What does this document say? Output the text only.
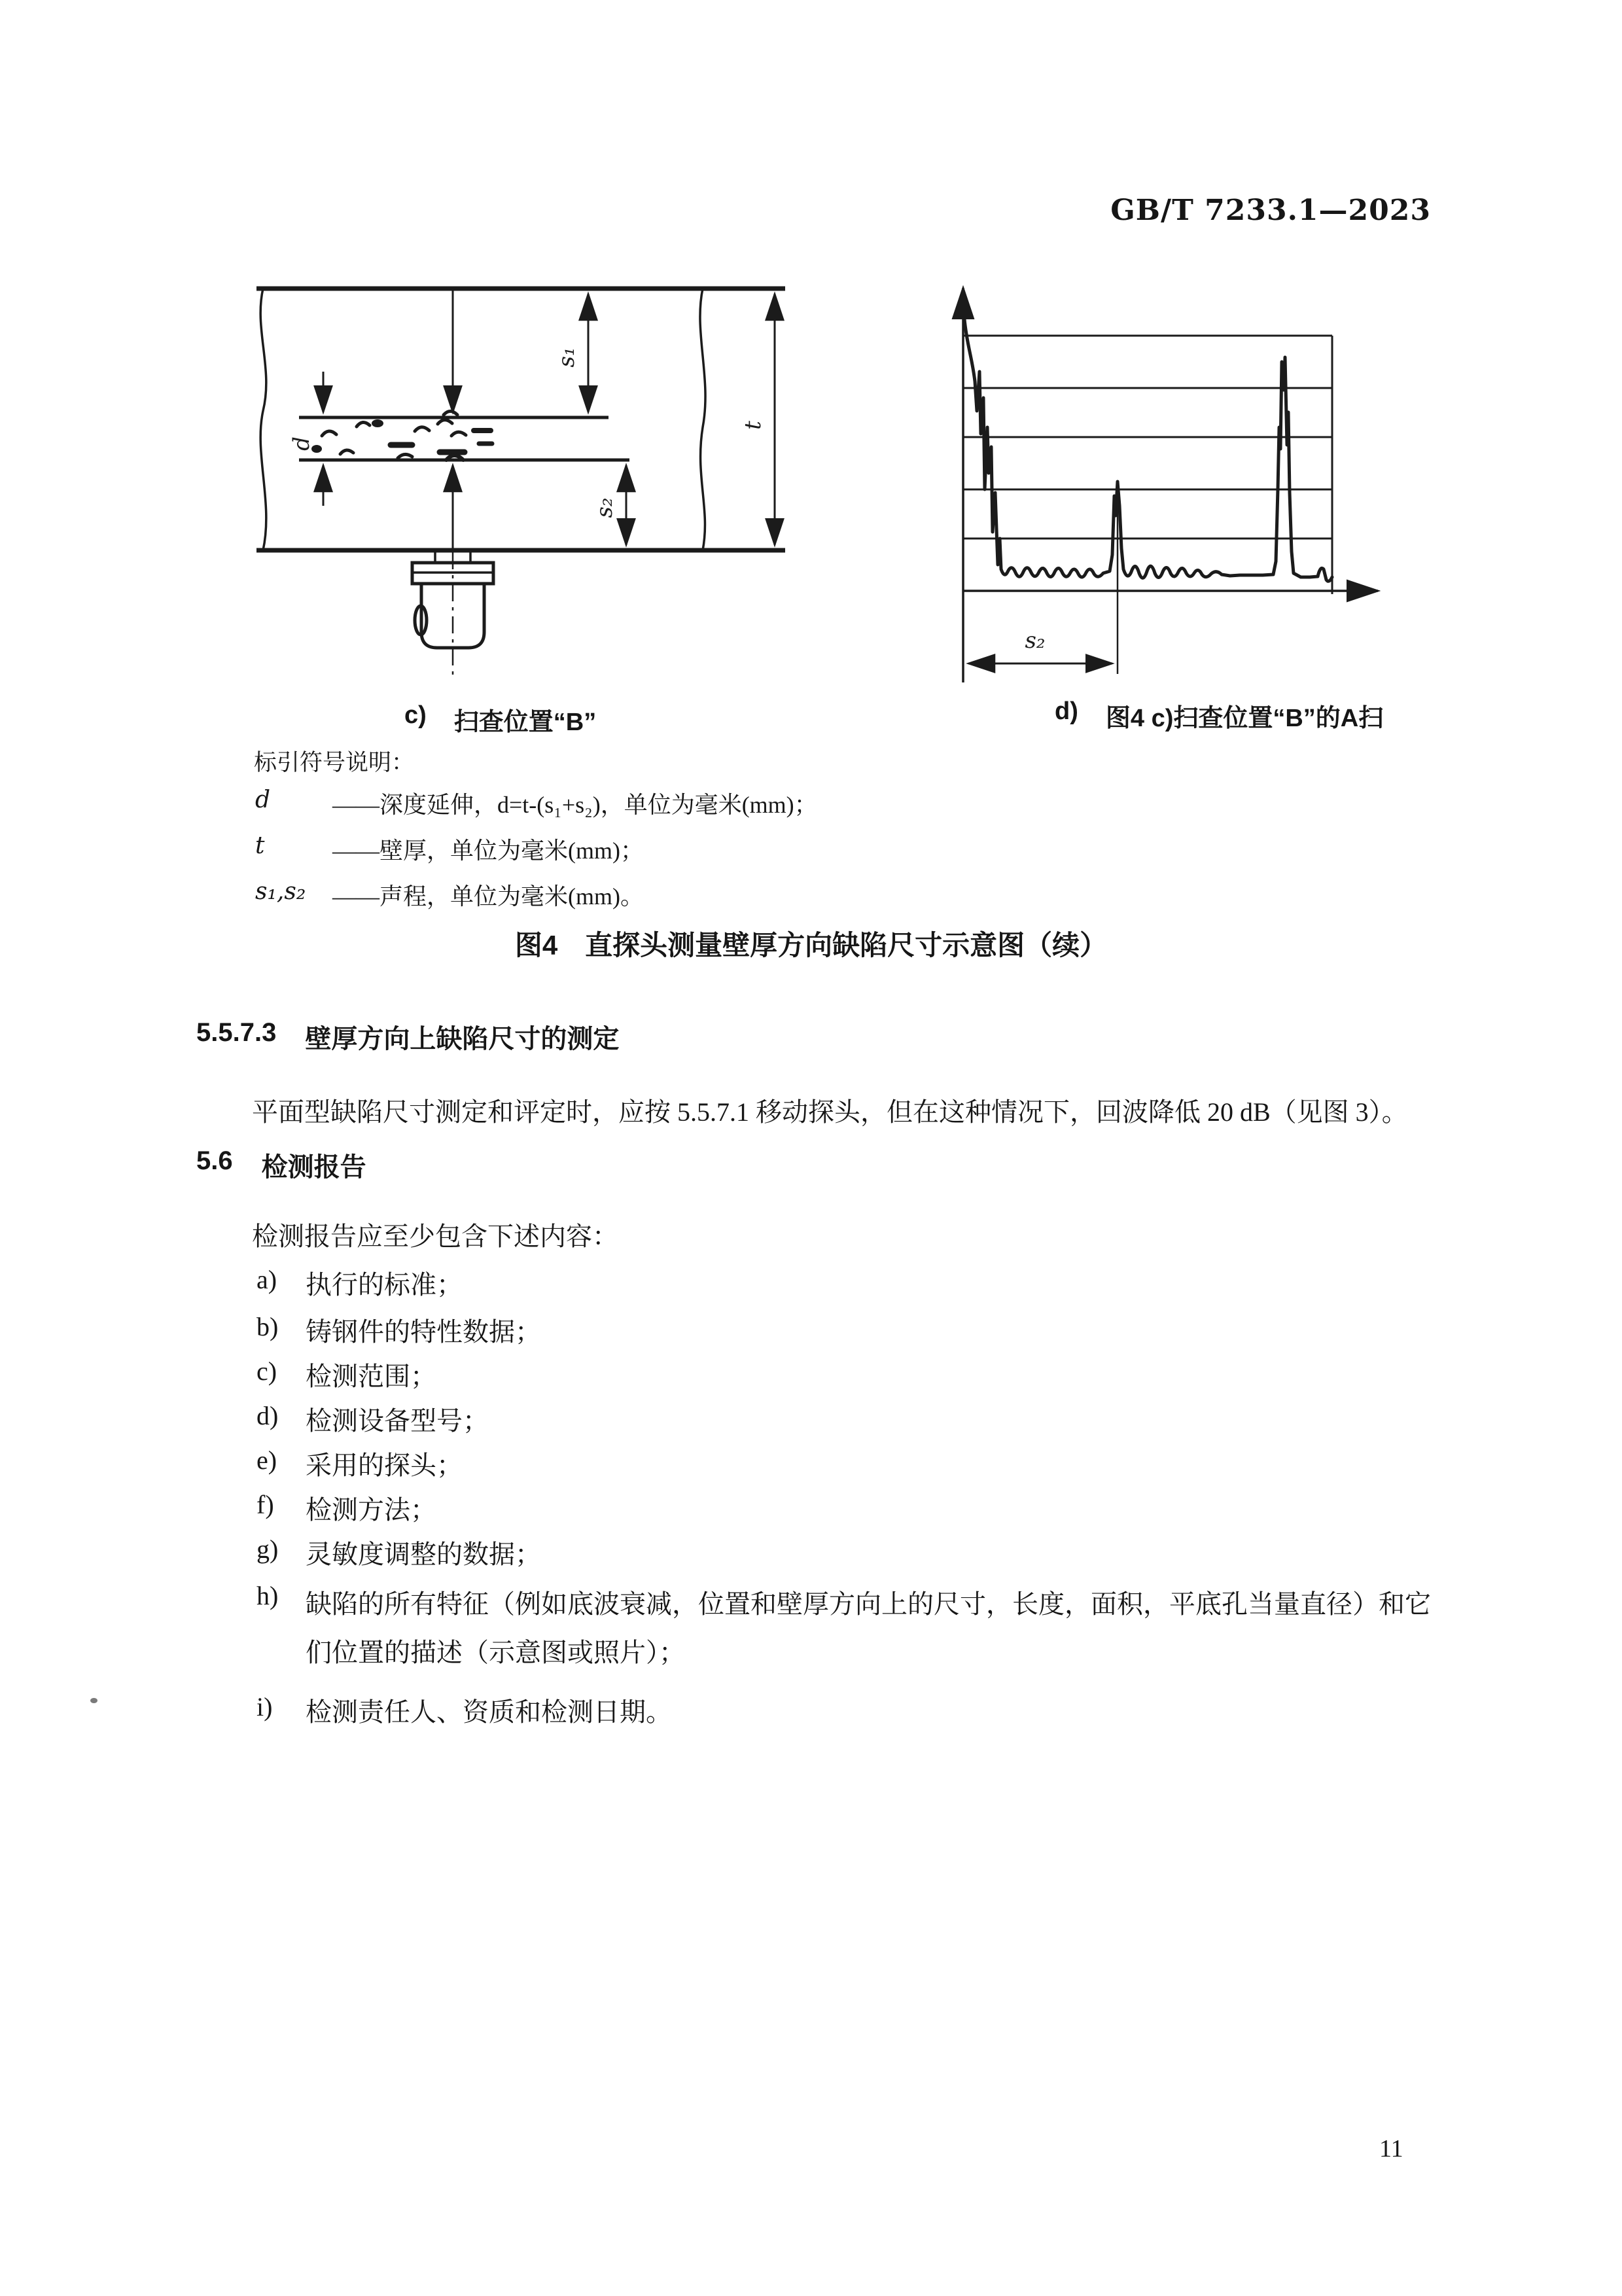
GB/T 7233.1—2023
d
s₁
s₂
t
s₂
c) 扫查位置“B”	d) 图4 c)扫查位置“B”的A扫
标引符号说明：
d	——深度延伸，d=t-(s₁+s₂)，单位为毫米(mm)；
t	——壁厚，单位为毫米(mm)；
s₁,s₂	——声程，单位为毫米(mm)。
图4　直探头测量壁厚方向缺陷尺寸示意图（续）
5.5.7.3 壁厚方向上缺陷尺寸的测定
平面型缺陷尺寸测定和评定时，应按 5.5.7.1 移动探头，但在这种情况下，回波降低 20 dB（见图 3）。
5.6 检测报告
检测报告应至少包含下述内容：
a) 执行的标准；
b) 铸钢件的特性数据；
c) 检测范围；
d) 检测设备型号；
e) 采用的探头；
f) 检测方法；
g) 灵敏度调整的数据；
h) 缺陷的所有特征（例如底波衰减，位置和壁厚方向上的尺寸，长度，面积，平底孔当量直径）和它们位置的描述（示意图或照片）；
i) 检测责任人、资质和检测日期。
11
